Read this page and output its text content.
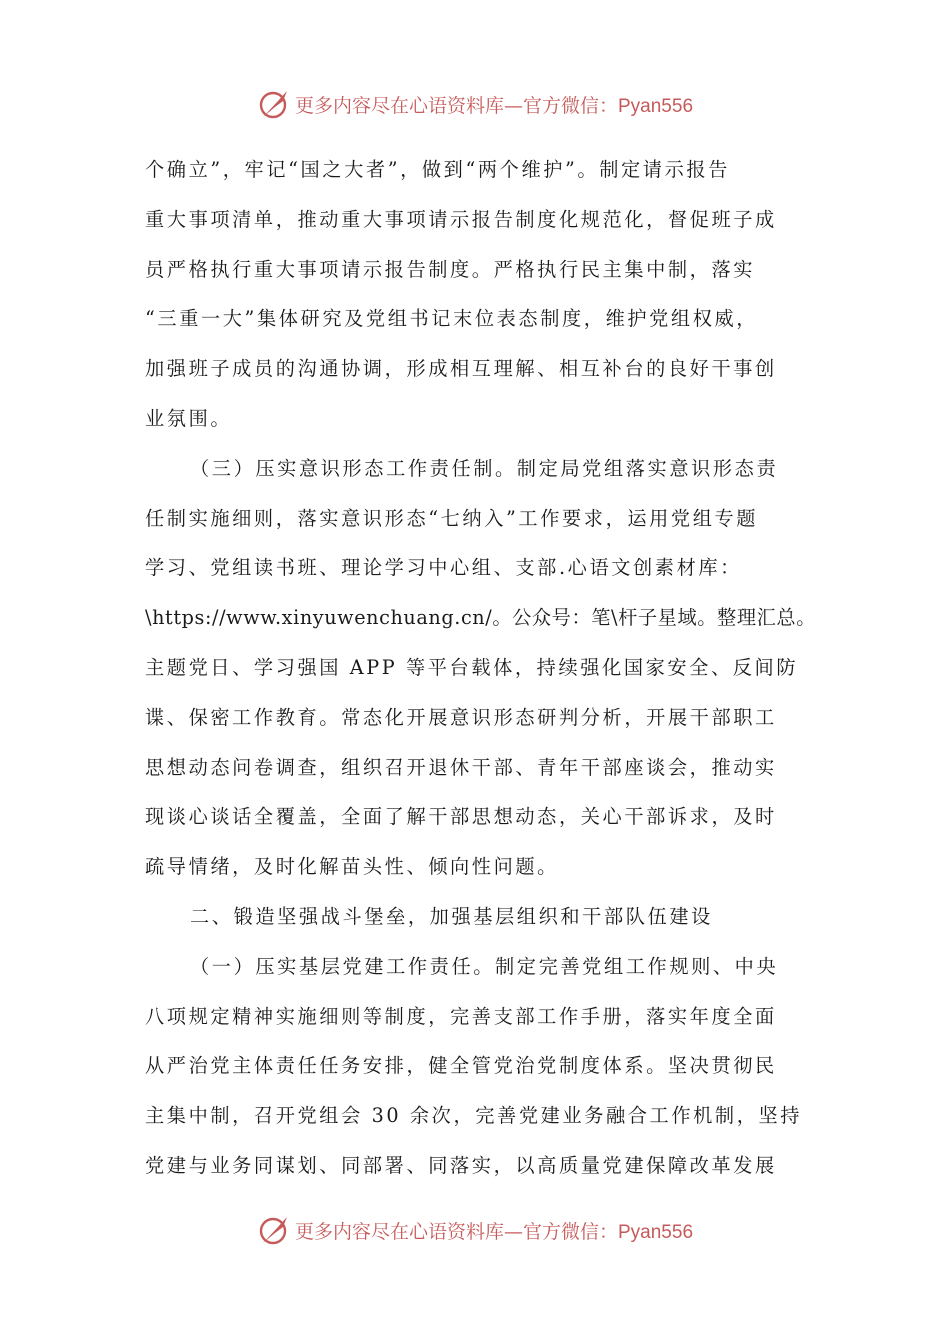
更多内容尽在心语资料库—官方微信：Pyan556
个确立”，牢记“国之大者”，做到“两个维护”。制定请示报告
重大事项清单，推动重大事项请示报告制度化规范化，督促班子成
员严格执行重大事项请示报告制度。严格执行民主集中制，落实
“三重一大”集体研究及党组书记末位表态制度，维护党组权威，
加强班子成员的沟通协调，形成相互理解、相互补台的良好干事创
业氛围。
（三）压实意识形态工作责任制。制定局党组落实意识形态责
任制实施细则，落实意识形态“七纳入”工作要求，运用党组专题
学习、党组读书班、理论学习中心组、支部.心语文创素材库：
\https://www.xinyuwenchuang.cn/。公众号：笔\杆子星域。整理汇总。
主题党日、学习强国 APP 等平台载体，持续强化国家安全、反间防
谍、保密工作教育。常态化开展意识形态研判分析，开展干部职工
思想动态问卷调查，组织召开退休干部、青年干部座谈会，推动实
现谈心谈话全覆盖，全面了解干部思想动态，关心干部诉求，及时
疏导情绪，及时化解苗头性、倾向性问题。
二、锻造坚强战斗堡垒，加强基层组织和干部队伍建设
（一）压实基层党建工作责任。制定完善党组工作规则、中央
八项规定精神实施细则等制度，完善支部工作手册，落实年度全面
从严治党主体责任任务安排，健全管党治党制度体系。坚决贯彻民
主集中制，召开党组会 30 余次，完善党建业务融合工作机制，坚持
党建与业务同谋划、同部署、同落实，以高质量党建保障改革发展
更多内容尽在心语资料库—官方微信：Pyan556
